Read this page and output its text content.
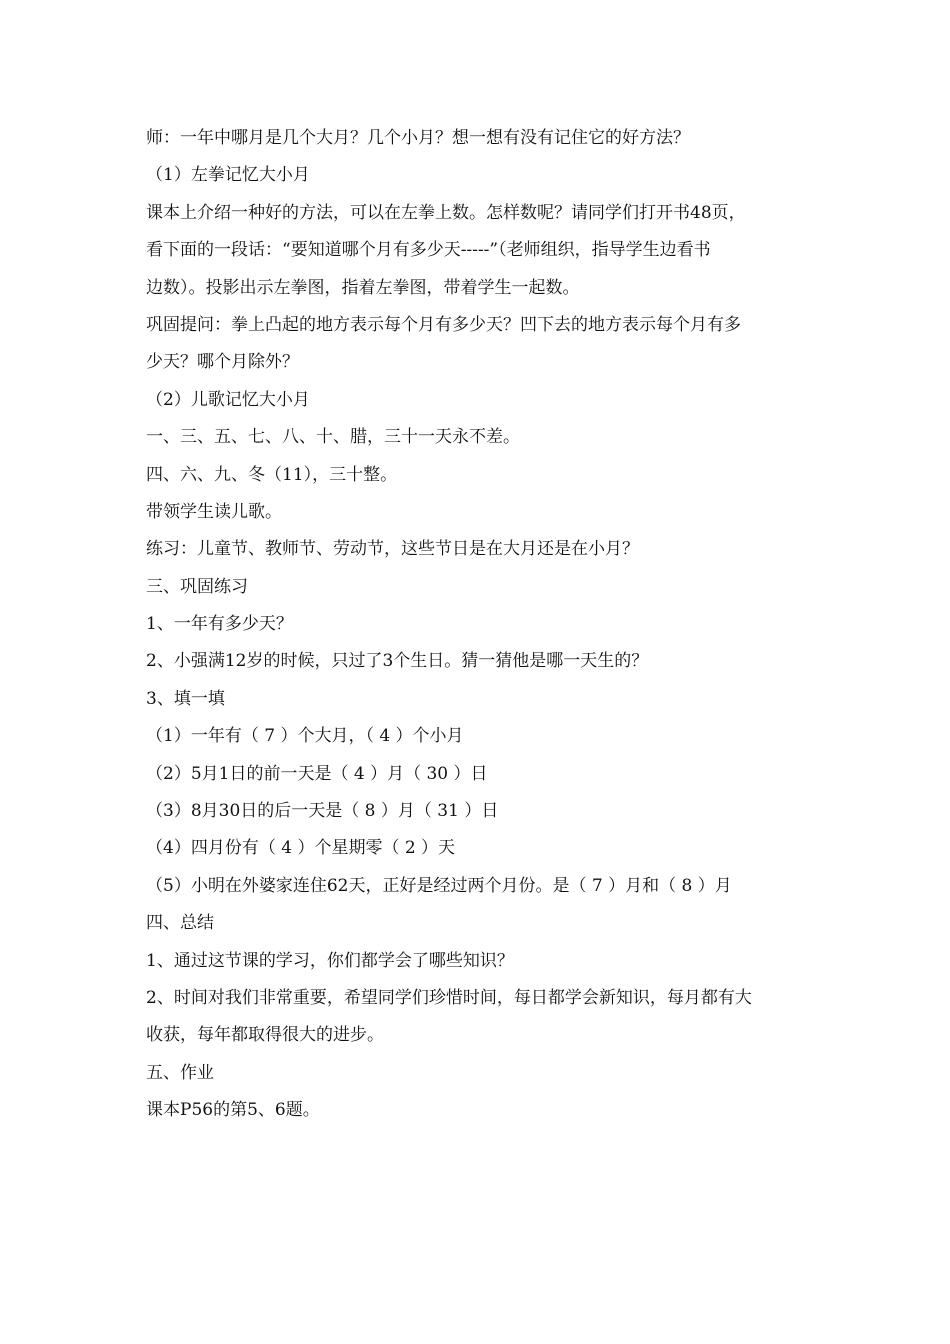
师：一年中哪月是几个大月？几个小月？想一想有没有记住它的好方法？
（1）左拳记忆大小月
课本上介绍一种好的方法，可以在左拳上数。怎样数呢？请同学们打开书48页，
看下面的一段话：“要知道哪个月有多少天-----”（老师组织，指导学生边看书
边数）。投影出示左拳图，指着左拳图，带着学生一起数。
巩固提问：拳上凸起的地方表示每个月有多少天？凹下去的地方表示每个月有多
少天？哪个月除外？
（2）儿歌记忆大小月
一、三、五、七、八、十、腊，三十一天永不差。
四、六、九、冬（11），三十整。
带领学生读儿歌。
练习：儿童节、教师节、劳动节，这些节日是在大月还是在小月？
三、巩固练习
1、一年有多少天？
2、小强满12岁的时候，只过了3个生日。猜一猜他是哪一天生的？
3、填一填
（1）一年有（ 7 ）个大月，（ 4 ）个小月
（2）5月1日的前一天是（ 4 ）月（ 30 ）日
（3）8月30日的后一天是（ 8 ）月（ 31 ）日
（4）四月份有（ 4 ）个星期零（ 2 ）天
（5）小明在外婆家连住62天，正好是经过两个月份。是（ 7 ）月和（ 8 ）月
四、总结
1、通过这节课的学习，你们都学会了哪些知识？
2、时间对我们非常重要，希望同学们珍惜时间，每日都学会新知识，每月都有大
收获，每年都取得很大的进步。
五、作业
课本P56的第5、6题。
